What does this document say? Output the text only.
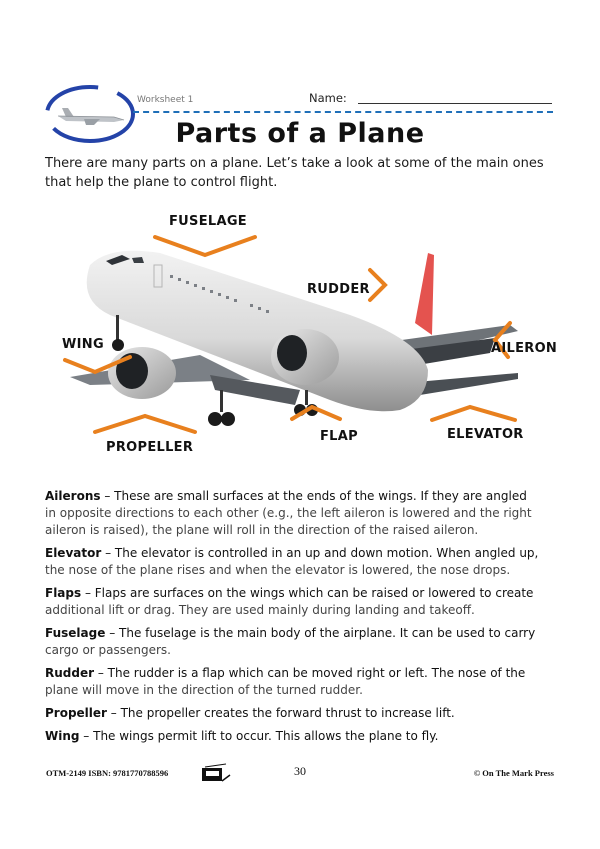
Worksheet 1	Name:
Parts of a Plane
There are many parts on a plane. Let’s take a look at some of the main ones that help the plane to control flight.
FUSELAGE
RUDDER
WING	AILERON
PROPELLER
FLAP	ELEVATOR

Ailerons – These are small surfaces at the ends of the wings. If they are angled
in opposite directions to each other (e.g., the left aileron is lowered and the right aileron is raised), the plane will roll in the direction of the raised aileron.

Elevator – The elevator is controlled in an up and down motion. When angled up,
the nose of the plane rises and when the elevator is lowered, the nose drops.

Flaps – Flaps are surfaces on the wings which can be raised or lowered to create
additional lift or drag. They are used mainly during landing and takeoff.

Fuselage – The fuselage is the main body of the airplane. It can be used to carry
cargo or passengers.

Rudder – The rudder is a flap which can be moved right or left. The nose of the
plane will move in the direction of the turned rudder.

Propeller – The propeller creates the forward thrust to increase lift.

Wing – The wings permit lift to occur. This allows the plane to fly.

OTM-2149 ISBN: 9781770788596	30	© On The Mark Press
